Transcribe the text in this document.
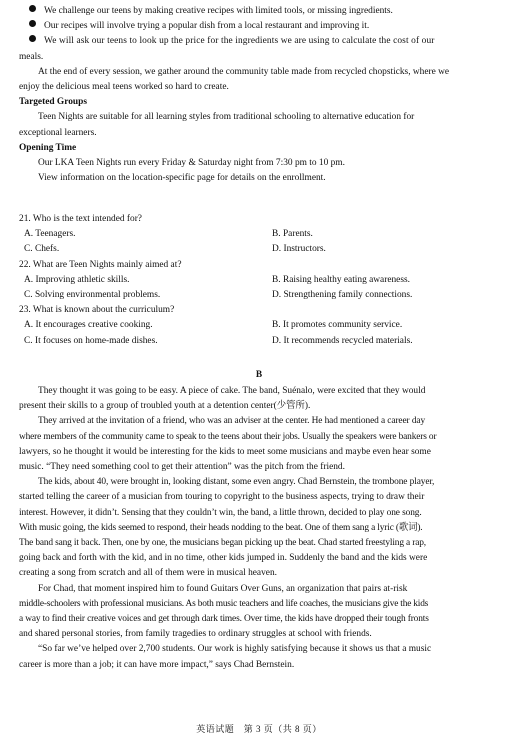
We challenge our teens by making creative recipes with limited tools, or missing ingredients.
Our recipes will involve trying a popular dish from a local restaurant and improving it.
We will ask our teens to look up the price for the ingredients we are using to calculate the cost of our
meals.
At the end of every session, we gather around the community table made from recycled chopsticks, where we
enjoy the delicious meal teens worked so hard to create.
Targeted Groups
Teen Nights are suitable for all learning styles from traditional schooling to alternative education for
exceptional learners.
Opening Time
Our LKA Teen Nights run every Friday & Saturday night from 7:30 pm to 10 pm.
View information on the location-specific page for details on the enrollment.
21. Who is the text intended for?
A. Teenagers.	B. Parents.
C. Chefs.	D. Instructors.
22. What are Teen Nights mainly aimed at?
A. Improving athletic skills.	B. Raising healthy eating awareness.
C. Solving environmental problems.	D. Strengthening family connections.
23. What is known about the curriculum?
A. It encourages creative cooking.	B. It promotes community service.
C. It focuses on home-made dishes.	D. It recommends recycled materials.
B
They thought it was going to be easy. A piece of cake. The band, Suénalo, were excited that they would
present their skills to a group of troubled youth at a detention center(少管所).
They arrived at the invitation of a friend, who was an adviser at the center. He had mentioned a career day
where members of the community came to speak to the teens about their jobs. Usually the speakers were bankers or
lawyers, so he thought it would be interesting for the kids to meet some musicians and maybe even hear some
music. “They need something cool to get their attention” was the pitch from the friend.
The kids, about 40, were brought in, looking distant, some even angry. Chad Bernstein, the trombone player,
started telling the career of a musician from touring to copyright to the business aspects, trying to draw their
interest. However, it didn’t. Sensing that they couldn’t win, the band, a little thrown, decided to play one song.
With music going, the kids seemed to respond, their heads nodding to the beat. One of them sang a lyric (歌词).
The band sang it back. Then, one by one, the musicians began picking up the beat. Chad started freestyling a rap,
going back and forth with the kid, and in no time, other kids jumped in. Suddenly the band and the kids were
creating a song from scratch and all of them were in musical heaven.
For Chad, that moment inspired him to found Guitars Over Guns, an organization that pairs at-risk
middle-schoolers with professional musicians. As both music teachers and life coaches, the musicians give the kids
a way to find their creative voices and get through dark times. Over time, the kids have dropped their tough fronts
and shared personal stories, from family tragedies to ordinary struggles at school with friends.
“So far we’ve helped over 2,700 students. Our work is highly satisfying because it shows us that a music
career is more than a job; it can have more impact,” says Chad Bernstein.
英语试题　第 3 页（共 8 页）
